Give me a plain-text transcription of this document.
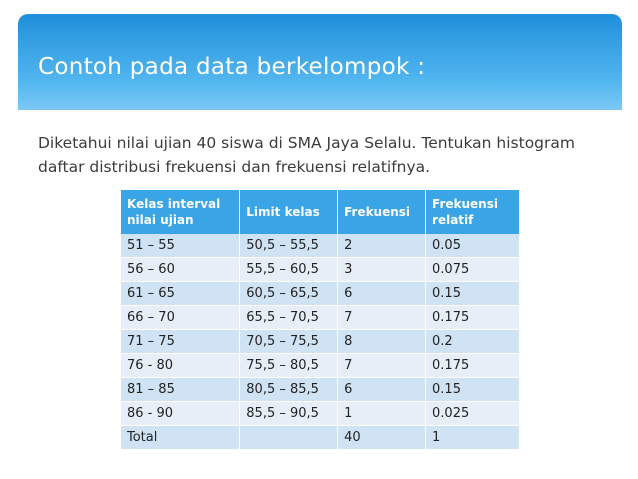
Contoh pada data berkelompok :
Diketahui nilai ujian 40 siswa di SMA Jaya Selalu. Tentukan histogram daftar distribusi frekuensi dan frekuensi relatifnya.
Kelas interval nilai ujian	Limit kelas	Frekuensi	Frekuensi relatif
51 – 55	50,5 – 55,5	2	0.05
56 – 60	55,5 – 60,5	3	0.075
61 – 65	60,5 – 65,5	6	0.15
66 – 70	65,5 – 70,5	7	0.175
71 – 75	70,5 – 75,5	8	0.2
76 - 80	75,5 – 80,5	7	0.175
81 – 85	80,5 – 85,5	6	0.15
86 - 90	85,5 – 90,5	1	0.025
Total		40	1
